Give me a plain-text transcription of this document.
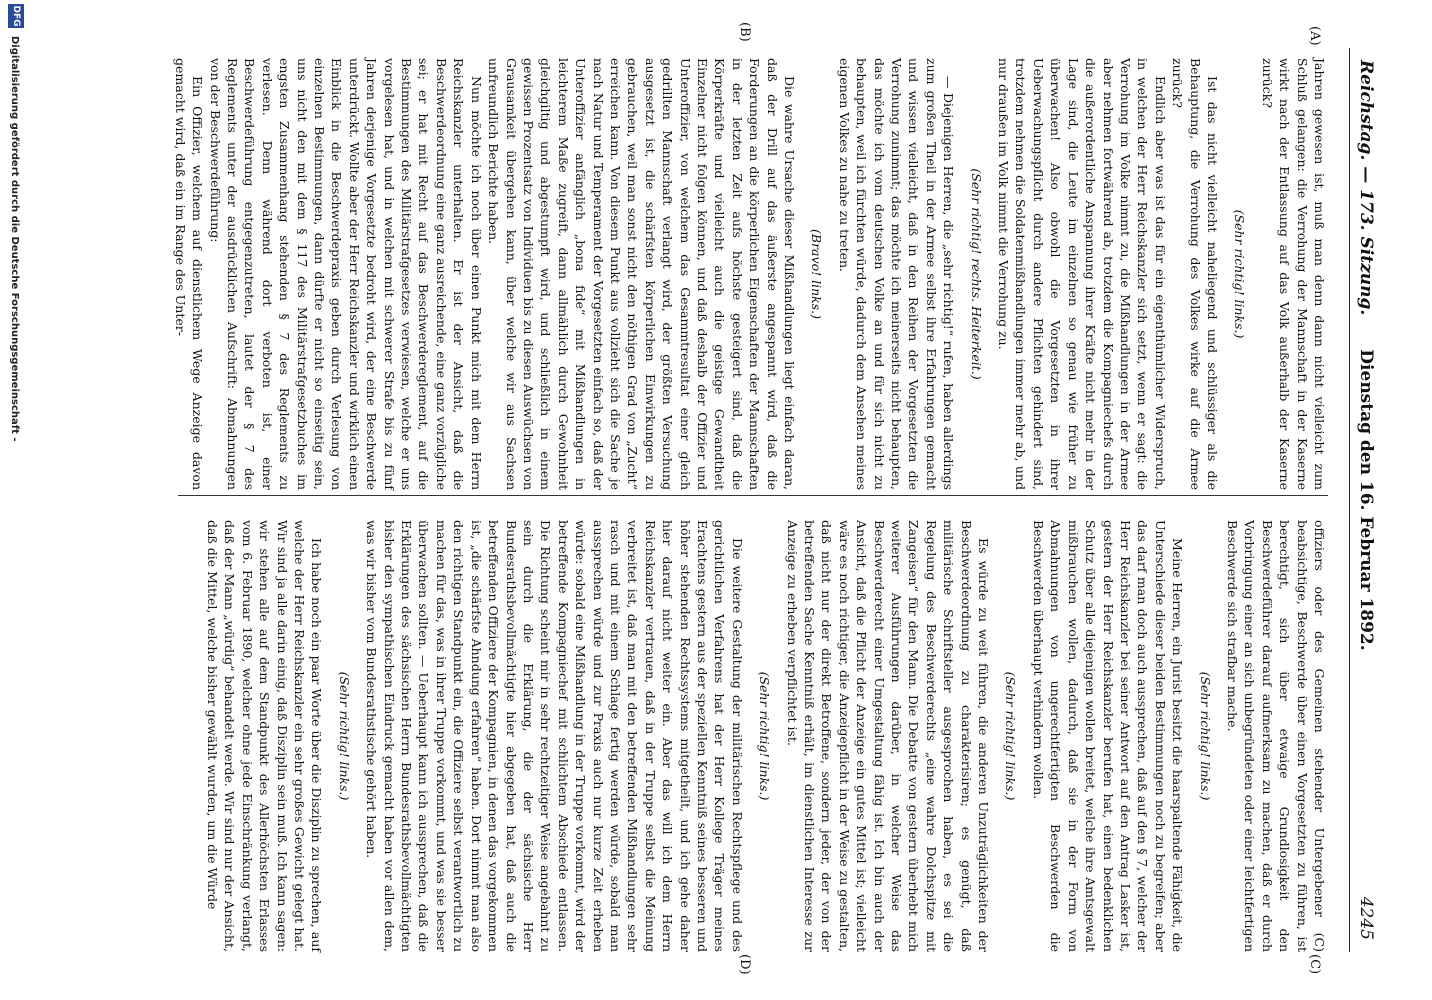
Reichstag. — 173. Sitzung.
Dienstag den 16. Februar 1892.
4245
(A)
(B)
(C)
(D)

Jahren gewesen ist, muß man denn dann nicht vielleicht zum Schluß gelangen: die Verrohung der Mannschaft in der Kaserne wirkt nach der Entlassung auf das Volk außerhalb der Kaserne zurück?

(Sehr richtig! links.)

Ist das nicht vielleicht naheliegend und schlüssiger als die Behauptung, die Verrohung des Volkes wirke auf die Armee zurück?

Endlich aber was ist das für ein eigenthümlicher Widerspruch, in welchen der Herr Reichskanzler sich setzt, wenn er sagt: die Verrohung im Volke nimmt zu, die Mißhandlungen in der Armee aber nehmen fortwährend ab, trotzdem die Kompagniechefs durch die außerordentliche Anspannung ihrer Kräfte nicht mehr in der Lage sind, die Leute im einzelnen so genau wie früher zu überwachen! Also obwohl die Vorgesetzten in ihrer Ueberwachungspflicht durch andere Pflichten gehindert sind, trotzdem nehmen die Soldatenmißhandlungen immer mehr ab, und nur draußen im Volk nimmt die Verrohung zu.

(Sehr richtig! rechts. Heiterkeit.)

— Diejenigen Herren, die „sehr richtig!“ rufen, haben allerdings zum großen Theil in der Armee selbst ihre Erfahrungen gemacht und wissen vielleicht, daß in den Reihen der Vorgesetzten die Verrohung zunimmt; das möchte ich meinerseits nicht behaupten, das möchte ich vom deutschen Volke an und für sich nicht zu behaupten, weil ich fürchten würde, dadurch dem Ansehen meines eigenen Volkes zu nahe zu treten.

(Bravo! links.)

Die wahre Ursache dieser Mißhandlungen liegt einfach daran, daß der Drill auf das äußerste angespannt wird, daß die Forderungen an die körperlichen Eigenschaften der Mannschaften in der letzten Zeit aufs höchste gesteigert sind, daß die Körperkräfte und vielleicht auch die geistige Gewandtheit Einzelner nicht folgen können, und daß deshalb der Offizier und Unteroffizier, von welchem das Gesammtresultat einer gleich gedrillten Mannschaft verlangt wird, der größten Versuchung ausgesetzt ist, die schärfsten körperlichen Einwirkungen zu gebrauchen, weil man sonst nicht den nöthigen Grad von „Zucht“ erreichen kann. Von diesem Punkt aus vollzieht sich die Sache je nach Natur und Temperament der Vorgesetzten einfach so, daß der Unteroffizier anfänglich „bona fide“ mit Mißhandlungen in leichterem Maße zugreift, dann allmählich durch Gewohnheit gleichgiltig und abgestumpft wird, und schließlich in einem gewissen Prozentsatz von Individuen bis zu diesen Auswüchsen von Grausamkeit übergehen kann, über welche wir aus Sachsen unfreundlich Berichte haben.

Nun möchte ich noch über einen Punkt mich mit dem Herrn Reichskanzler unterhalten. Er ist der Ansicht, daß die Beschwerdeordnung eine ganz ausreichende, eine ganz vorzügliche sei; er hat mit Recht auf das Beschwerdereglement, auf die Bestimmungen des Militärstrafgesetzes verwiesen, welche er uns vorgelesen hat, und in welchen mit schwerer Strafe bis zu fünf Jahren derjenige Vorgesetzte bedroht wird, der eine Beschwerde unterdrückt. Wollte aber der Herr Reichskanzler und wirklich einen Einblick in die Beschwerdepraxis geben durch Verlesung von einzelnen Bestimmungen, dann dürfte er nicht so einseitig sein, uns nicht den mit dem § 117 des Militärstrafgesetzbuches im engsten Zusammenhang stehenden § 7 des Reglements zu verlesen. Denn während dort verboten ist, einer Beschwerdeführung entgegenzutreten, lautet der § 7 des Reglements unter der ausdrücklichen Aufschrift: Abmahnungen von der Beschwerdeführung:

Ein Offizier, welchem auf dienstlichem Wege Anzeige davon gemacht wird, daß ein im Range des Unter-

offiziers oder des Gemeinen stehender Untergebener (C) beabsichtige, Beschwerde über einen Vorgesetzten zu führen, ist berechtigt, sich über etwaige Grundlosigkeit den Beschwerdeführer darauf aufmerksam zu machen, daß er durch Vorbringung einer an sich unbegründeten oder einer leichtfertigen Beschwerde sich strafbar mache.

(Sehr richtig! links.)

Meine Herren, ein Jurist besitzt die haarspaltende Fähigkeit, die Unterschiede dieser beiden Bestimmungen noch zu begreifen; aber das darf man doch auch aussprechen, daß auf den § 7, welcher der Herr Reichskanzler bei seiner Antwort auf den Antrag Lasker ist, gestern der Herr Reichskanzler berufen hat, einen bedenklichen Schutz über alle diejenigen wollen breitet, welche ihre Amtsgewalt mißbrauchen wollen, dadurch, daß sie in der Form von Abmahnungen von ungerechtfertigten Beschwerden die Beschwerden überhaupt verhindern wollen.

(Sehr richtig! links.)

Es würde zu weit führen, die anderen Unzuträglichkeiten der Beschwerdeordnung zu charakterisiren; es genügt, daß militärische Schriftsteller ausgesprochen haben, es sei die Regelung des Beschwerderechts „eine wahre Dolchspitze mit Zangeisen“ für den Mann. Die Debatte von gestern überhebt mich weiterer Ausführungen darüber, in welcher Weise das Beschwerderecht einer Umgestaltung fähig ist. Ich bin auch der Ansicht, daß die Pflicht der Anzeige ein gutes Mittel ist; vielleicht wäre es noch richtiger, die Anzeigepflicht in der Weise zu gestalten, daß nicht nur der direkt Betroffene, sondern jeder, der von der betreffenden Sache Kenntniß erhält, im dienstlichen Interesse zur Anzeige zu erheben verpflichtet ist.

(Sehr richtig! links.)

Die weitere Gestaltung der militärischen Rechtspflege und des gerichtlichen Verfahrens hat der Herr Kollege Träger meines Erachtens gestern aus der speziellen Kenntniß seines besseren und höher stehenden Rechtssystems mitgetheilt, und ich gehe daher hier darauf nicht weiter ein. Aber das will ich dem Herrn Reichskanzler vertrauen, daß in der Truppe selbst die Meinung verbreitet ist, daß man mit den betreffenden Mißhandlungen sehr rasch und mit einem Schlage fertig werden würde, sobald man aussprechen würde und zur Praxis auch nur kurze Zeit erheben würde: sobald eine Mißhandlung in der Truppe vorkommt, wird der betreffende Kompagniechef mit schlichtem Abschiede entlassen. Die Richtung scheint mir in sehr rechtzeitiger Weise angebahnt zu sein durch die Erklärung, die der sächsische Herr Bundesrathsbevollmächtigte hier abgegeben hat, daß auch die betreffenden Offiziere der Kompagnien, in denen das vorgekommen ist, „die schärfste Ahndung erfahren“ haben. Dort nimmt man also den richtigen Standpunkt ein, die Offiziere selbst verantwortlich zu machen für das, was in ihrer Truppe vorkommt, und was sie besser überwachen sollten. — Ueberhaupt kann ich aussprechen, daß die Erklärungen des sächsischen Herrn Bundesrathsbevollmächtigten bisher den sympathischen Eindruck gemacht haben vor allen dem, was wir bisher vom Bundesrathstische gehört haben.

(Sehr richtig! links.)

Ich habe noch ein paar Worte über die Disziplin zu sprechen, auf welche der Herr Reichskanzler ein sehr großes Gewicht gelegt hat. Wir sind ja alle darin einig, daß Disziplin sein muß. Ich kann sagen: wir stehen alle auf dem Standpunkt des Allerhöchsten Erlasses vom 6. Februar 1890, welcher ohne jede Einschränkung verlangt, daß der Mann „würdig“ behandelt werde. Wir sind nur der Ansicht, daß die Mittel, welche bisher gewählt wurden, um die Würde

DFG
Digitalisierung gefördert durch die Deutsche Forschungsgemeinschaft -
